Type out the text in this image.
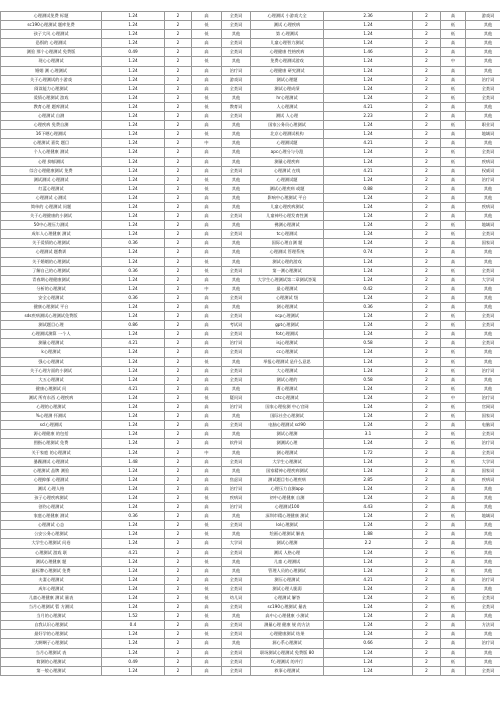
心理测试免费 标题	1.24	2	高	全类词	心理测试 小游戏大全	2.36	2	高	游戏词
sc190心理测试 题库免费	1.24	2	低	全类词	测试 心理疾病	1.24	2	低	其他
孩子大风 心理测试	1.24	2	低	其他	第 心理测试	1.24	2	低	其他
恐惧的 心理测试	1.24	2	高	全类词	儿童心理智力测试	1.24	2	高	其他
测验 那个心理测试 免费版	0.49	2	高	全类词	心理健康 性格疾病	1.46	2	高	其他
现心心理测试	1.24	2	低	其他	免费心理测试游戏	1.24	2	中	其他
婚姻 测 心理测试	1.24	2	高	治疗词	心理健康 研究测试	1.24	2	高	其他
关于心理测试的小游戏	1.24	2	高	游戏词	测试心理题	1.24	2	高	治疗词
阅读能力心理测试	1.24	2	高	全类词	测试心理成绩	1.24	2	低	全类词
爱情心理测试 游戏	1.24	2	低	其他	hr心理测试	1.24	2	低	全类词
教育心理 题库测试	1.24	2	低	教育词	人心理测试	4.21	2	高	其他
心理测试 自测	1.24	2	高	全类词	测试 人心理	2.23	2	高	其他
心理疾病 免费自测	1.24	2	高	其他	国家公务员心理测试	1.24	2	低	职业词
16下晒心理测试	1.24	2	低	其他	北京心理测试机构	1.24	2	高	地域词
心理测试 嘉奖 题目	1.24	2	中	其他	心理测试题	4.21	2	高	其他
个人心理健康 测试	1.24	2	高	其他	apc心理分与分派	1.24	2	低	全类词
心理 抑郁测试	1.24	2	高	其他	测量心理疾病	1.24	2	低	疾病词
综合心理健康测试 免费	1.24	2	高	全类词	心理测试 在线	4.21	2	高	权威词
测试测试 心理测试	1.24	2	低	其他	心理测试题	1.24	2	高	治疗词
红蓝心理测试	1.24	2	低	其他	测试心理疾病 或题	0.88	2	高	其他
心理测试 心测试	1.24	2	高	其他	影响中心理测试 平台	1.24	2	高	其他
简单的 心理测试 问题	1.24	2	高	其他	儿童心理疾病测试	1.24	2	高	疾病词
关于心理健康的小测试	1.24	2	高	全类词	儿童神经心理发育性测	1.24	2	高	其他
50中心理压力测试	1.24	2	高	其他	佛测心理测试	1.24	2	低	地域词
成年人心理健康 测试	1.24	2	高	全类词	tc心理测试	1.24	2	低	全类词
关于爱情的心理测试	0.36	2	高	其他	国际心理自测 题	1.24	2	高	国家词
心理测试 题教训	1.24	2	高	其他	心理测试 管理系统	0.74	2	高	其他
关于婚姻的心理测试	1.24	2	低	其他	测试心理的游戏	1.24	2	高	其他
了解自己的心理测试	0.36	2	低	全类词	第一测心理测试	1.24	2	低	全类词
青春期心理健康测试	1.24	2	高	其他	大学生心理测试第二章测试答案	1.24	2	高	大学词
分析的心理测试	1.24	2	中	其他	最心理测试	0.42	2	高	其他
安全心理测试	0.36	2	高	全类词	心理测试 级	1.24	2	高	其他
健康心理测试 平台	1.24	2	高	其他	测心理测试	0.36	2	高	其他
sds疾病测试心理测试免费版	1.24	2	高	全类词	scp心理测试	1.24	2	低	全类词
测试题目心理	0.86	2	高	考试词	gpt心理测试	1.24	2	低	全类词
心理测试测算 一个人	1.24	2	高	全类词	fot心理测试	1.24	2	高	其他
测量心理测试	4.21	2	高	治疗词	isj心理测试	0.58	2	高	全类词
k心理测试	1.24	2	高	全类词	cc心理测试	1.24	2	低	其他
强心心理测试	1.24	2	低	其他	举报心理测试 是什么意思	1.24	2	低	其他
关于心理方面的小测试	1.24	2	高	全类词	大心理测试	1.24	2	低	治疗词
大五心理测试	1.24	2	高	全类词	测试心理的	0.58	2	高	其他
健康心理测试 问	4.21	2	高	其他	曹心理测试	1.24	2	低	其他
测试 所有东西 心理疾病	1.24	2	低	疑问词	ctc心理测试	1.24	2	中	治疗词
心理的心理测试	1.24	2	高	治疗词	国家心理检测 中心官网	1.24	2	低	官网词
%心理测 怀测试	1.24	2	高	其他	国际社会心理测试	1.24	2	低	国家词
scl心理测试	1.24	2	高	全类词	电脑心理测试 scl90	1.24	2	高	电脑词
源心理健康 的包括	1.24	2	高	其他	测试心理测	3.1	2	低	全类词
图指心理测试 免费	1.24	2	高	软件词	测测试心理	1.24	2	低	治疗词
关于家庭 的心理测试	1.24	2	中	其他	测心理测试	1.72	2	高	全类词
暴躁测试 心理测试	1.48	2	高	全类词	大学生心理测试	1.24	2	低	大学词
心理测试 品牌 测验	1.24	2	高	其他	国家精神心理疾病测试	1.24	2	高	国家词
心理抑郁 心理测试	1.24	2	高	焦虑词	测试题目有心理疾病	2.85	2	高	疾病词
测试 心理人格	1.24	2	高	治疗词	心理压力自测app	1.24	2	高	其他
孩子心理疾病测试	1.24	2	低	疾病词	初中心理健康 自测	1.24	2	高	其他
创伤心理测试	1.24	2	高	治疗词	心理测试100	4.43	2	高	其他
家庭心理健康 测试	0.36	2	高	其他	深圳市精心理健康 测试	1.24	2	低	地域词
心理测试 心态	1.24	2	低	全类词	lol心理测试	1.24	2	高	其他
公安公务心理测试	1.24	2	低	其他	绘画心理测试 解表	1.88	2	高	其他
大学生心理测试 问卷	1.24	2	高	大学词	测试心理测	2.2	2	高	其他
心理测试 游戏 联	4.21	2	高	全类词	测试 人格心理	1.24	2	低	其他
测试心理健康 题	1.24	2	低	其他	儿童 心理测试	1.24	2	高	其他
最标牌心理测试 免费	1.24	2	高	其他	管理人员的心理测试	1.24	2	低	其他
夫妻心理测试	1.24	2	高	全类词	测压心理测试	4.21	2	高	治疗词
成年心理测试	1.24	2	低	全类词	测试心理人脆弱	1.24	2	高	其他
儿童心理健康 测试 量表	1.24	2	低	幼儿词	心理测试 解答	1.24	2	低	全类词
当月心理测试 暂 方测试	1.24	2	高	全类词	sc190心理测试 量表	1.24	2	低	全类词
当月的心理测试	1.52	2	低	其他	高中心心理健康 小测试	1.24	2	高	其他
自我认识心理测试	0.4	2	高	全类词	测量心理 健康 规 的方法	1.24	2	高	方法词
最好学的心理测试	1.24	2	低	全类词	心理健康测试 结果	1.24	2	高	其他
大啊啊子心理测试	1.24	2	高	其他	源心系心理测试	0.66	2	高	治疗词
当月心理测试 表	1.24	2	高	全类词	职场测试心理测试 免费版 80	1.24	2	高	其他
简测的心理测试	0.49	2	高	全类词	f心理测试 的并行	1.24	2	低	其他
第一般心理测试	1.24	2	高	全类词	救事心理测试	1.24	2	高	全类词
